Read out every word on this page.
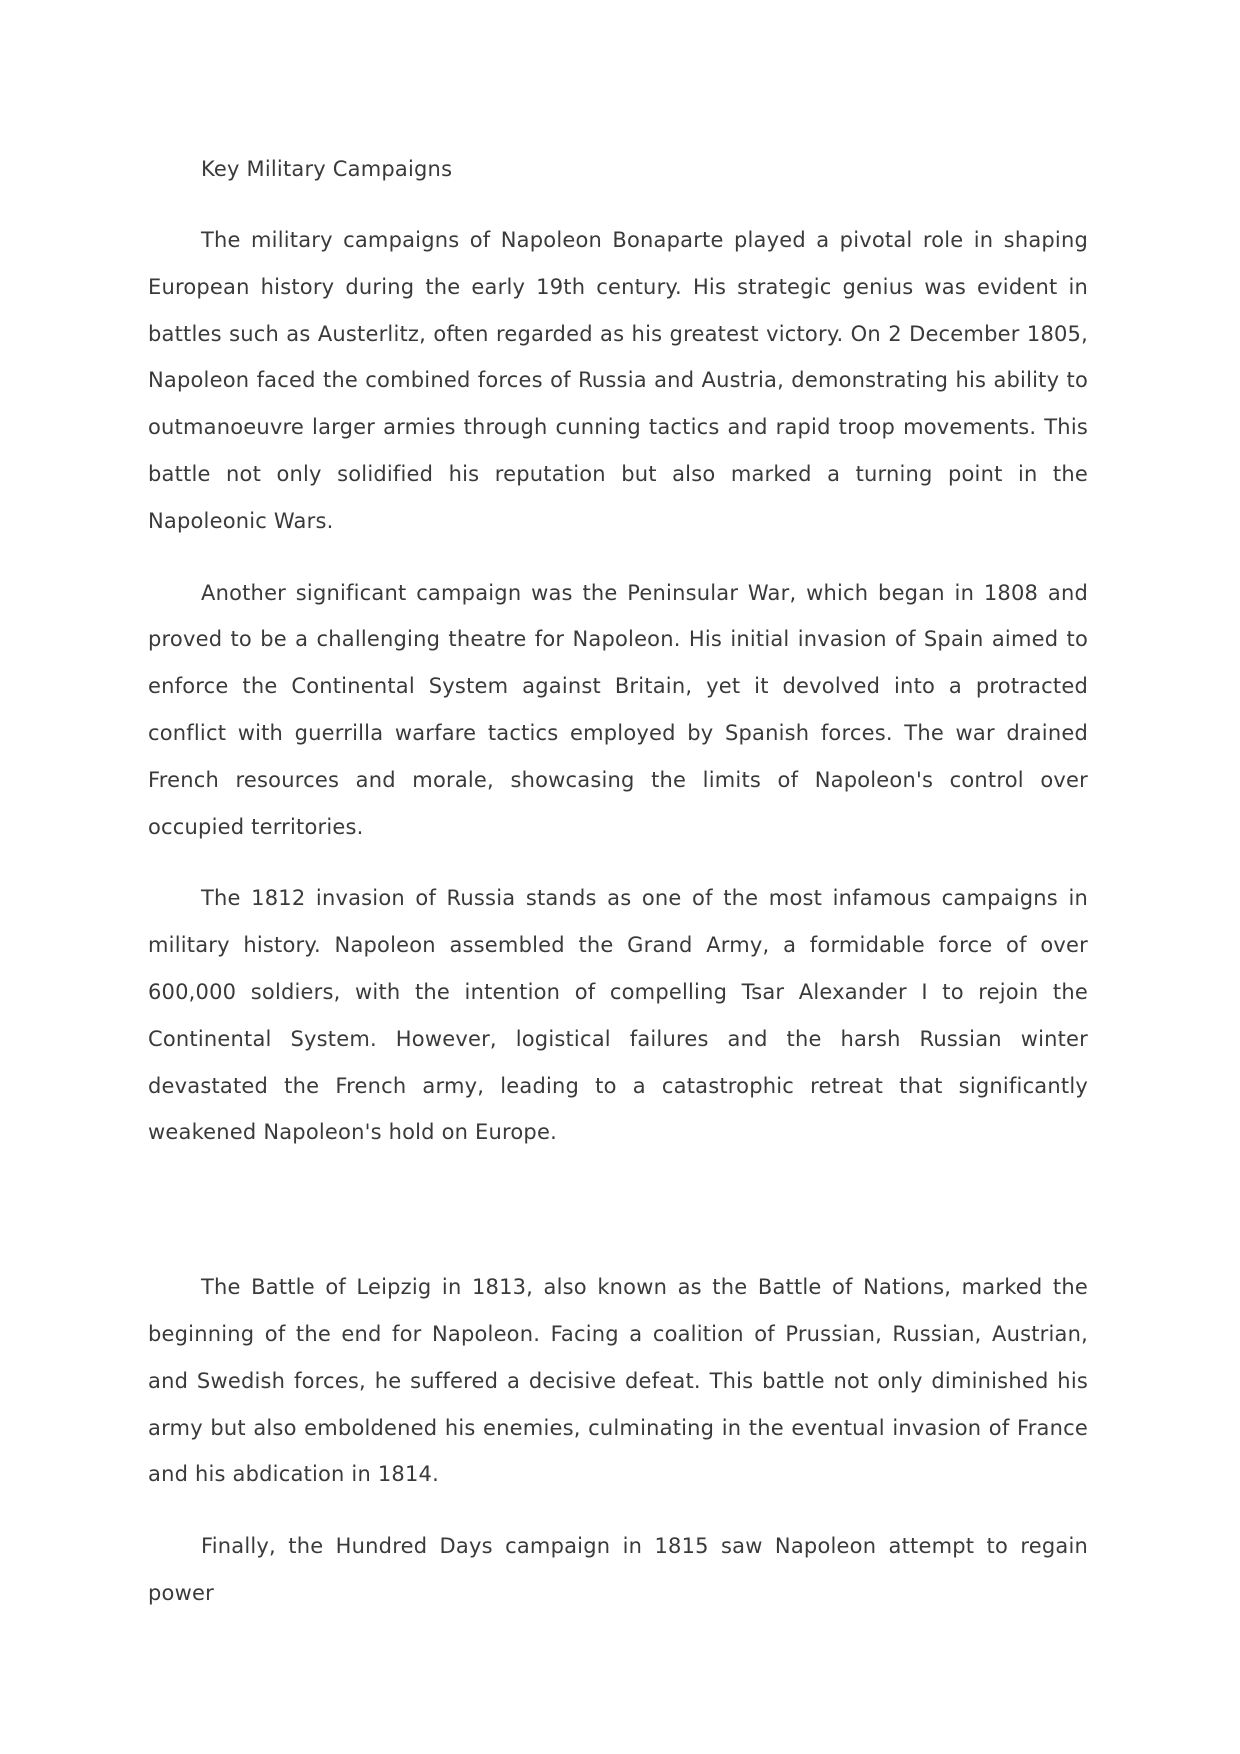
Key Military Campaigns

The military campaigns of Napoleon Bonaparte played a pivotal role in shaping European history during the early 19th century. His strategic genius was evident in battles such as Austerlitz, often regarded as his greatest victory. On 2 December 1805, Napoleon faced the combined forces of Russia and Austria, demonstrating his ability to outmanoeuvre larger armies through cunning tactics and rapid troop movements. This battle not only solidified his reputation but also marked a turning point in the Napoleonic Wars.

Another significant campaign was the Peninsular War, which began in 1808 and proved to be a challenging theatre for Napoleon. His initial invasion of Spain aimed to enforce the Continental System against Britain, yet it devolved into a protracted conflict with guerrilla warfare tactics employed by Spanish forces. The war drained French resources and morale, showcasing the limits of Napoleon's control over occupied territories.

The 1812 invasion of Russia stands as one of the most infamous campaigns in military history. Napoleon assembled the Grand Army, a formidable force of over 600,000 soldiers, with the intention of compelling Tsar Alexander I to rejoin the Continental System. However, logistical failures and the harsh Russian winter devastated the French army, leading to a catastrophic retreat that significantly weakened Napoleon's hold on Europe.

The Battle of Leipzig in 1813, also known as the Battle of Nations, marked the beginning of the end for Napoleon. Facing a coalition of Prussian, Russian, Austrian, and Swedish forces, he suffered a decisive defeat. This battle not only diminished his army but also emboldened his enemies, culminating in the eventual invasion of France and his abdication in 1814.

Finally, the Hundred Days campaign in 1815 saw Napoleon attempt to regain power
